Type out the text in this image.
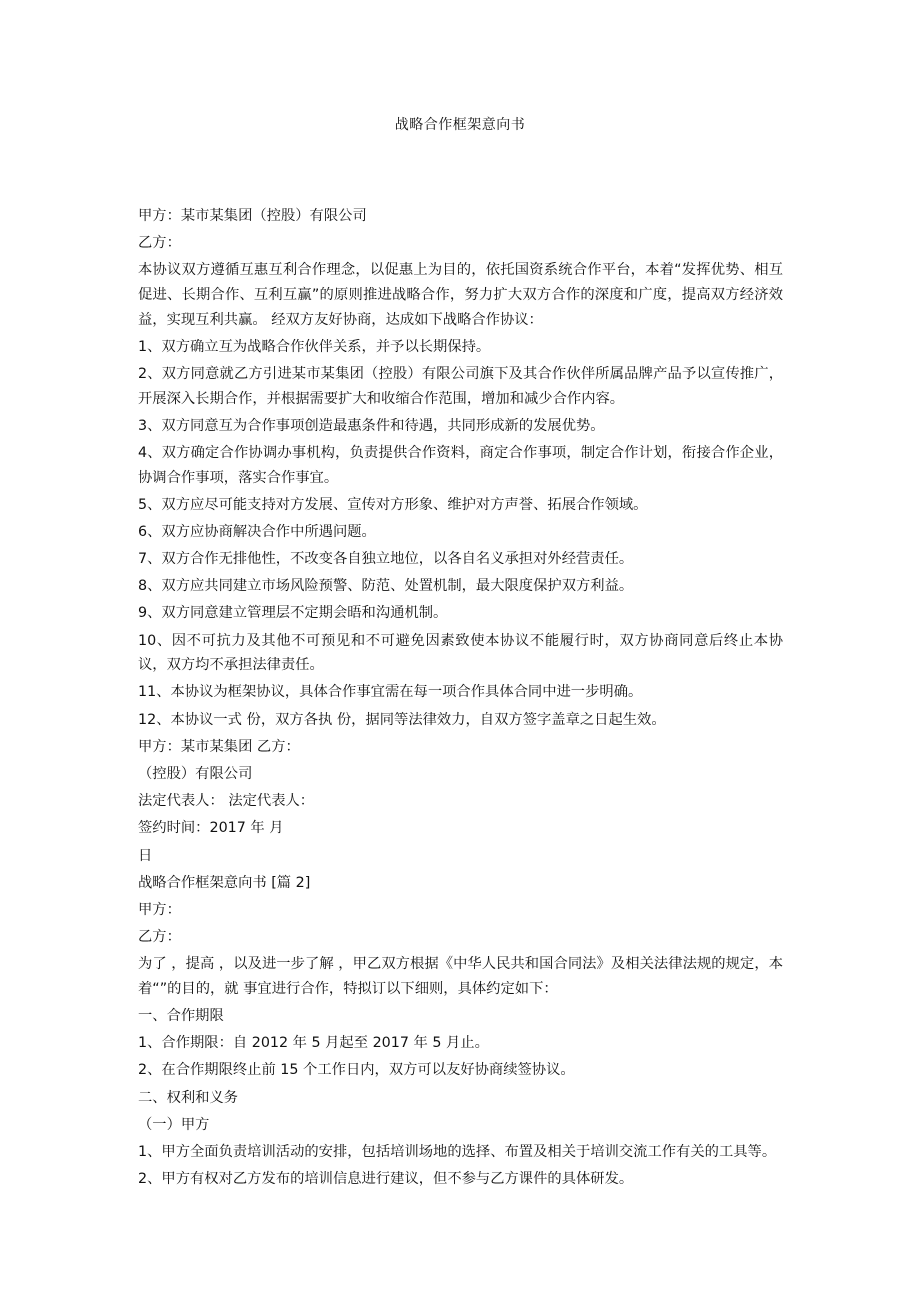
战略合作框架意向书

甲方：某市某集团（控股）有限公司

乙方：

本协议双方遵循互惠互利合作理念，以促惠上为目的，依托国资系统合作平台，本着“发挥优势、相互促进、长期合作、互利互赢”的原则推进战略合作，努力扩大双方合作的深度和广度，提高双方经济效益，实现互利共赢。 经双方友好协商，达成如下战略合作协议：

1、双方确立互为战略合作伙伴关系，并予以长期保持。

2、双方同意就乙方引进某市某集团（控股）有限公司旗下及其合作伙伴所属品牌产品予以宣传推广，开展深入长期合作，并根据需要扩大和收缩合作范围，增加和减少合作内容。

3、双方同意互为合作事项创造最惠条件和待遇，共同形成新的发展优势。

4、双方确定合作协调办事机构，负责提供合作资料，商定合作事项，制定合作计划，衔接合作企业，协调合作事项，落实合作事宜。

5、双方应尽可能支持对方发展、宣传对方形象、维护对方声誉、拓展合作领域。

6、双方应协商解决合作中所遇问题。

7、双方合作无排他性，不改变各自独立地位，以各自名义承担对外经营责任。

8、双方应共同建立市场风险预警、防范、处置机制，最大限度保护双方利益。

9、双方同意建立管理层不定期会晤和沟通机制。

10、因不可抗力及其他不可预见和不可避免因素致使本协议不能履行时，双方协商同意后终止本协议，双方均不承担法律责任。

11、本协议为框架协议，具体合作事宜需在每一项合作具体合同中进一步明确。

12、本协议一式 份，双方各执 份，据同等法律效力，自双方签字盖章之日起生效。

甲方：某市某集团 乙方：

（控股）有限公司

法定代表人： 法定代表人：

签约时间：2017 年 月

日

战略合作框架意向书 [篇 2]

甲方：

乙方：

为了 ，提高 ，以及进一步了解 ，甲乙双方根据《中华人民共和国合同法》及相关法律法规的规定，本着“”的目的，就 事宜进行合作，特拟订以下细则，具体约定如下：

一、合作期限

1、合作期限：自 2012 年 5 月起至 2017 年 5 月止。

2、在合作期限终止前 15 个工作日内，双方可以友好协商续签协议。

二、权利和义务

（一）甲方

1、甲方全面负责培训活动的安排，包括培训场地的选择、布置及相关于培训交流工作有关的工具等。

2、甲方有权对乙方发布的培训信息进行建议，但不参与乙方课件的具体研发。
